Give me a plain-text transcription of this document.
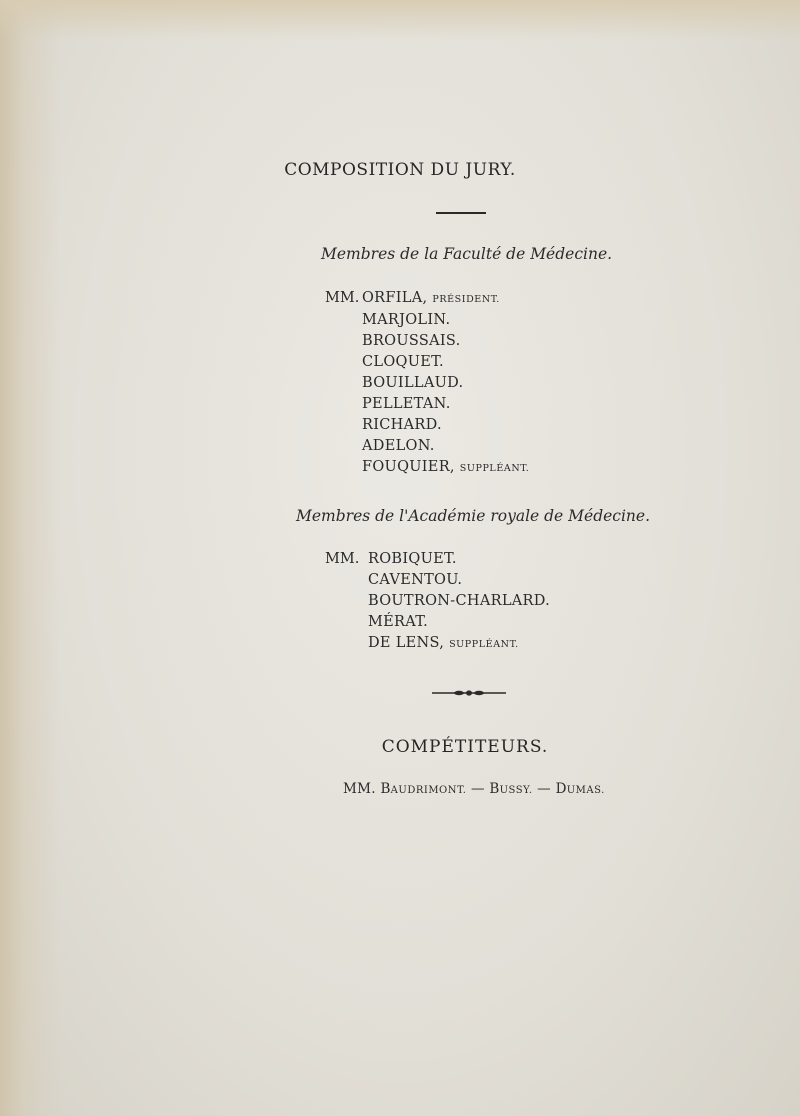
COMPOSITION DU JURY.
Membres de la Faculté de Médecine.
MM. ORFILA, PRÉSIDENT.
MARJOLIN.
BROUSSAIS.
CLOQUET.
BOUILLAUD.
PELLETAN.
RICHARD.
ADELON.
FOUQUIER, SUPPLÉANT.
Membres de l'Académie royale de Médecine.
MM. ROBIQUET.
CAVENTOU.
BOUTRON-CHARLARD.
MÉRAT.
DE LENS, SUPPLÉANT.
COMPÉTITEURS.
MM. BAUDRIMONT. — BUSSY. — DUMAS.
